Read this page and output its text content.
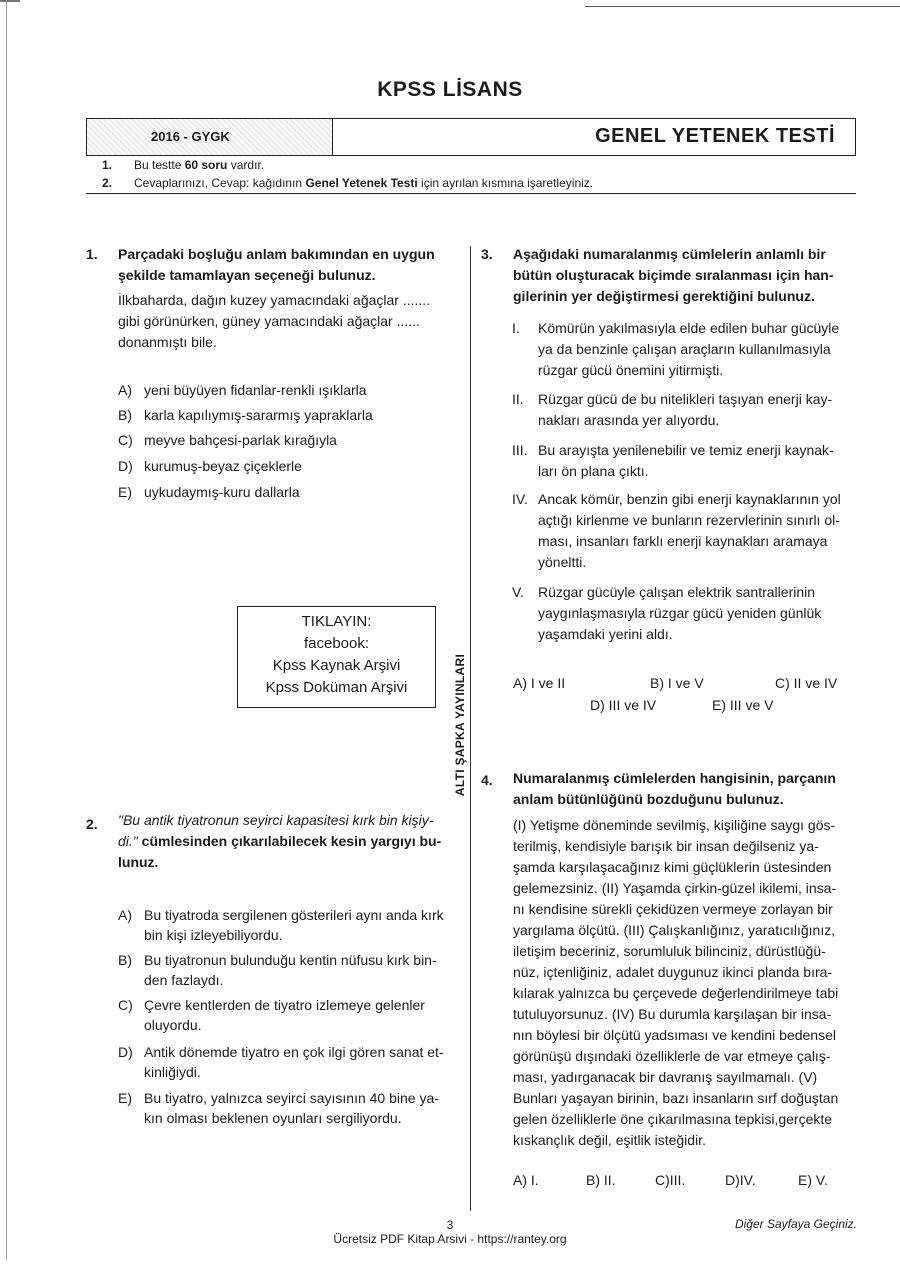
KPSS LİSANS
2016 - GYGK	GENEL YETENEK TESTİ
1. Bu testte 60 soru vardır.
2. Cevaplarınızı, Cevap: kağıdının Genel Yetenek Testi için ayrılan kısmına işaretleyiniz.
ALTI ŞAPKA YAYINLARI
1. Parçadaki boşluğu anlam bakımından en uygun
şekilde tamamlayan seçeneği bulunuz.
İlkbaharda, dağın kuzey yamacındaki ağaçlar .......
gibi görünürken, güney yamacındaki ağaçlar ......
donanmıştı bile.
A) yeni büyüyen fidanlar-renkli ışıklarla
B) karla kapılıymış-sararmış yapraklarla
C) meyve bahçesi-parlak kırağıyla
D) kurumuş-beyaz çiçeklerle
E) uykudaymış-kuru dallarla
TIKLAYIN:
facebook:
Kpss Kaynak Arşivi
Kpss Doküman Arşivi
2. "Bu antik tiyatronun seyirci kapasitesi kırk bin kişiy-
di." cümlesinden çıkarılabilecek kesin yargıyı bu-
lunuz.
A) Bu tiyatroda sergilenen gösterileri aynı anda kırk
bin kişi izleyebiliyordu.
B) Bu tiyatronun bulunduğu kentin nüfusu kırk bin-
den fazlaydı.
C) Çevre kentlerden de tiyatro izlemeye gelenler
oluyordu.
D) Antik dönemde tiyatro en çok ilgi gören sanat et-
kinliğiydi.
E) Bu tiyatro, yalnızca seyirci sayısının 40 bine ya-
kın olması beklenen oyunları sergiliyordu.
3. Aşağıdaki numaralanmış cümlelerin anlamlı bir
bütün oluşturacak biçimde sıralanması için han-
gilerinin yer değiştirmesi gerektiğini bulunuz.
I. Kömürün yakılmasıyla elde edilen buhar gücüyle
ya da benzinle çalışan araçların kullanılmasıyla
rüzgar gücü önemini yitirmişti.
II. Rüzgar gücü de bu nitelikleri taşıyan enerji kay-
nakları arasında yer alıyordu.
III. Bu arayışta yenilenebilir ve temiz enerji kaynak-
ları ön plana çıktı.
IV. Ancak kömür, benzin gibi enerji kaynaklarının yol
açtığı kirlenme ve bunların rezervlerinin sınırlı ol-
ması, insanları farklı enerji kaynakları aramaya
yöneltti.
V. Rüzgar gücüyle çalışan elektrik santrallerinin
yaygınlaşmasıyla rüzgar gücü yeniden günlük
yaşamdaki yerini aldı.
A) I ve II	B) I ve V	C) II ve IV
D) III ve IV	E) III ve V
4. Numaralanmış cümlelerden hangisinin, parçanın
anlam bütünlüğünü bozduğunu bulunuz.
(I) Yetişme döneminde sevilmiş, kişiliğine saygı gös-
terilmiş, kendisiyle barışık bir insan değilseniz ya-
şamda karşılaşacağınız kimi güçlüklerin üstesinden
gelemezsiniz. (II) Yaşamda çirkin-güzel ikilemi, insa-
nı kendisine sürekli çekidüzen vermeye zorlayan bir
yargılama ölçütü. (III) Çalışkanlığınız, yaratıcılığınız,
iletişim beceriniz, sorumluluk bilinciniz, dürüstlüğü-
nüz, içtenliğiniz, adalet duygunuz ikinci planda bıra-
kılarak yalnızca bu çerçevede değerlendirilmeye tabi
tutuluyorsunuz. (IV) Bu durumla karşılaşan bir insa-
nın böylesi bir ölçütü yadsıması ve kendini bedensel
görünüşü dışındaki özelliklerle de var etmeye çalış-
ması, yadırganacak bir davranış sayılmamalı. (V)
Bunları yaşayan birinin, bazı insanların sırf doğuştan
gelen özelliklerle öne çıkarılmasına tepkisi,gerçekte
kıskançlık değil, eşitlik isteğidir.
A) I.	B) II.	C)III.	D)IV.	E) V.
3
Ücretsiz PDF Kitap Arsivi - https://rantey.org
Diğer Sayfaya Geçiniz.
